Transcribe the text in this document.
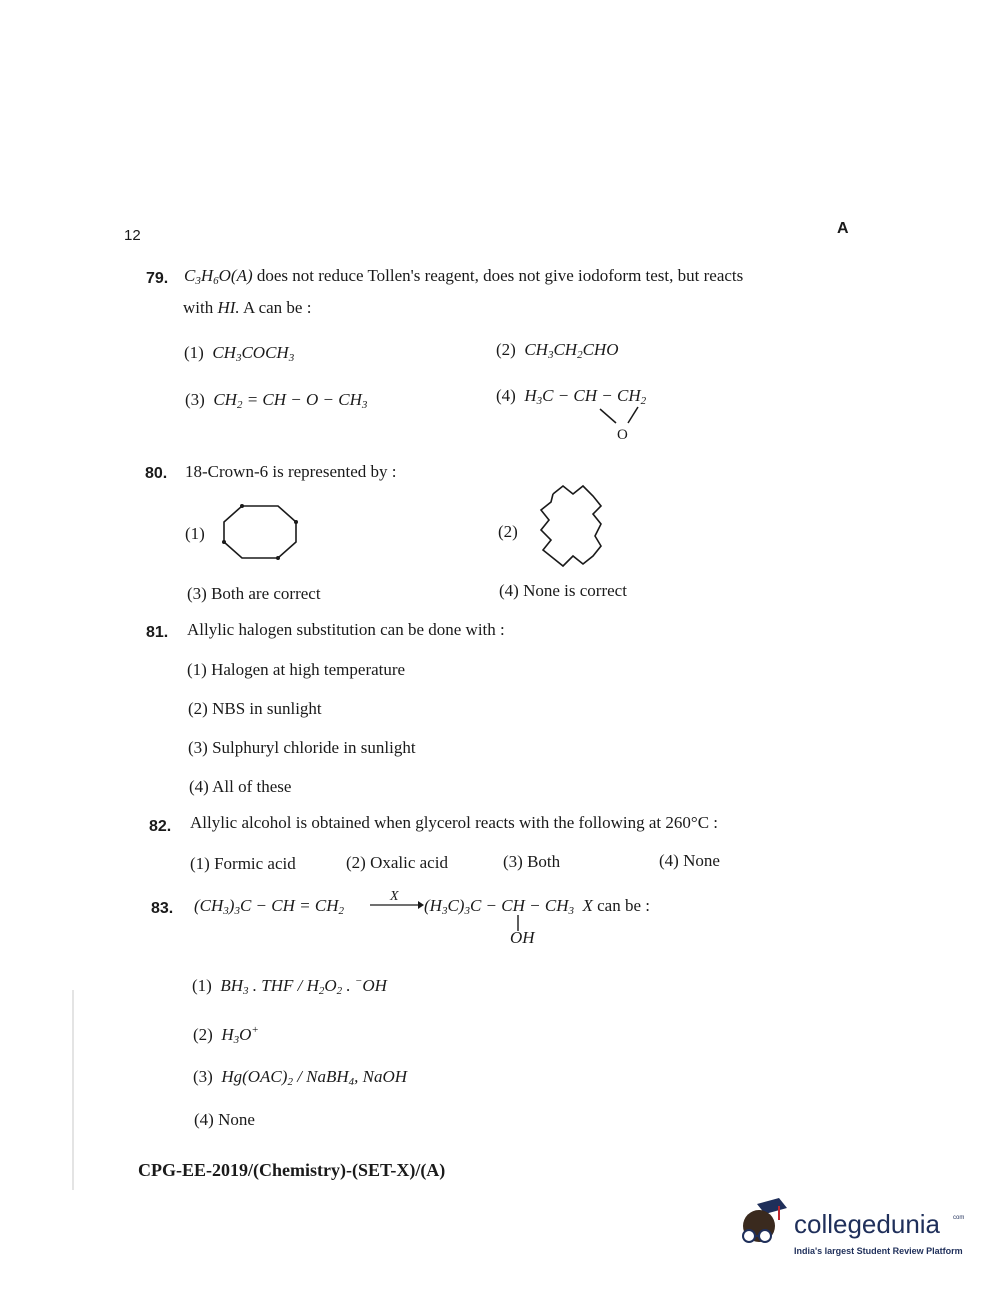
12	A
79. $C_3H_6O(A)$ does not reduce Tollen's reagent, does not give iodoform test, but reacts
with HI. A can be :
(1) $CH_3COCH_3$	(2) $CH_3CH_2CHO$
(3) $CH_2$ = CH − $O - CH_3$	(4) $H_3C$ − CH − $CH_2$
O
80. 18-Crown-6 is represented by :
(1)	(2)
(3) Both are correct	(4) None is correct
81. Allylic halogen substitution can be done with :
(1) Halogen at high temperature
(2) NBS in sunlight
(3) Sulphuryl chloride in sunlight
(4) All of these
82. Allylic alcohol is obtained when glycerol reacts with the following at 260°C :
(1) Formic acid	(2) Oxalic acid	(3) Both	(4) None
83. $(CH_3)_3C$ − CH = $CH_2$
X $(H_3C)_3C$ − CH − $CH_3$ X can be :
OH
(1) $BH_3$ . THF / $H_2O_2$ . −OH
(2) $H_3O^+$
(3) $Hg(OAC)_2$ / NaBH$_4$, NaOH
(4) None
CPG-EE-2019/(Chemistry)-(SET-X)/(A)
collegedunia com
India's largest Student Review Platform
